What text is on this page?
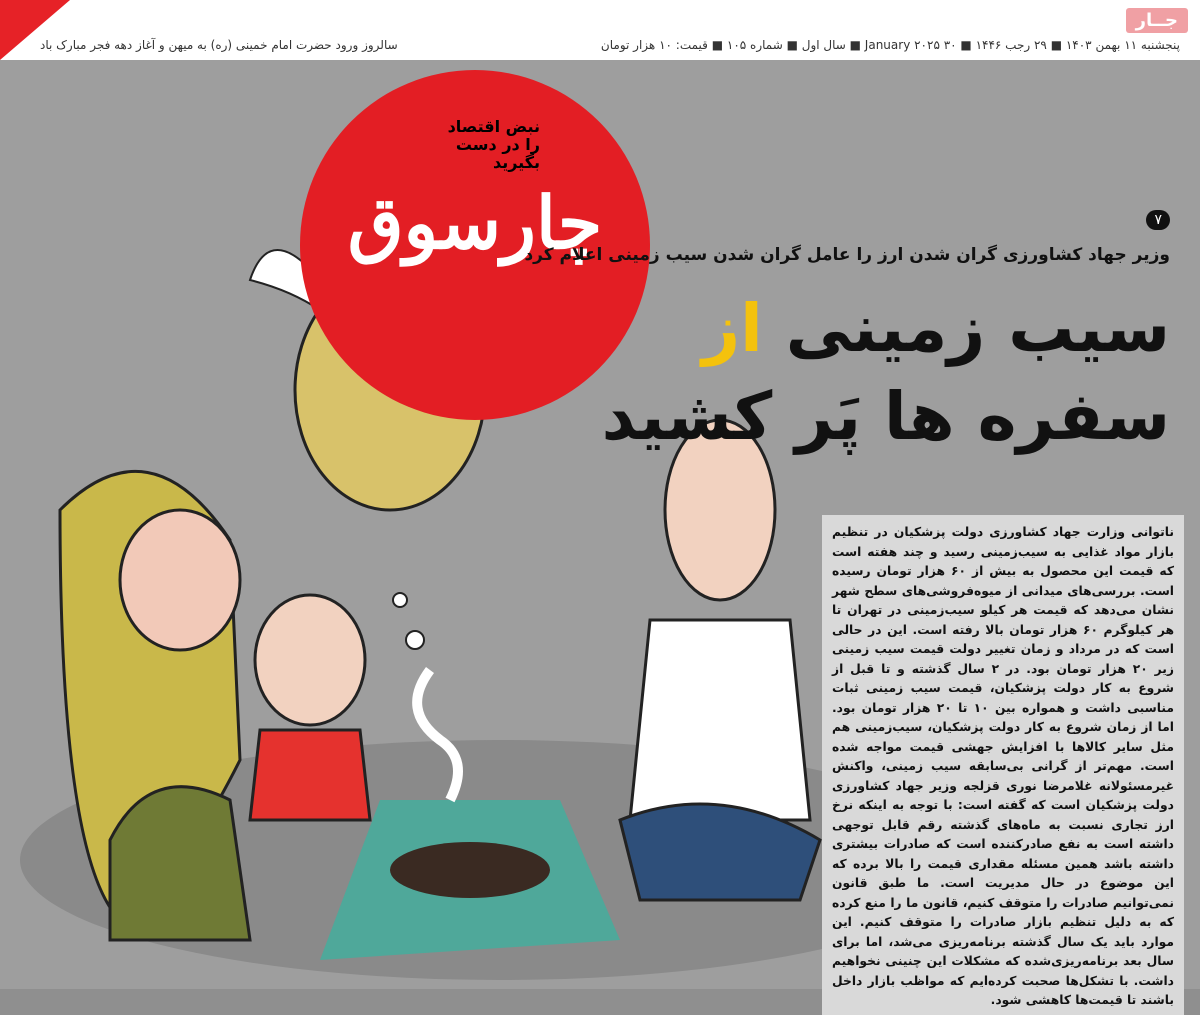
جــار
پنجشنبه ۱۱ بهمن ۱۴۰۳ ■ ۲۹ رجب ۱۴۴۶ ■ ۳۰ January ۲۰۲۵ ■ سال اول ■ شماره ۱۰۵ ■ قیمت: ۱۰ هزار تومان
سالروز ورود حضرت امام خمینی (ره) به میهن و آغاز دهه فجر مبارک باد
چارسوق
نبض اقتصاد
را در دست بگیرید
۷
وزیر جهاد کشاورزی گران شدن ارز را عامل گران شدن سیب زمینی اعلام کرد
سیب زمینی از
سفره ها پَر کشید
ناتوانی وزارت جهاد کشاورزی دولت پزشکیان در تنظیم بازار مواد غذایی به سیب‌زمینی رسید و چند هفته است که قیمت این محصول به بیش از ۶۰ هزار تومان رسیده است. بررسی‌های میدانی از میوه‌فروشی‌های سطح شهر نشان می‌دهد که قیمت هر کیلو سیب‌زمینی در تهران تا هر کیلوگرم ۶۰ هزار تومان بالا رفته است. این در حالی است که در مرداد و زمان تغییر دولت قیمت سیب زمینی زیر ۲۰ هزار تومان بود. در ۲ سال گذشته و تا قبل از شروع به کار دولت پزشکیان، قیمت سیب زمینی ثبات مناسبی داشت و همواره بین ۱۰ تا ۲۰ هزار تومان بود. اما از زمان شروع به کار دولت پزشکیان، سیب‌زمینی هم مثل سایر کالاها با افزایش جهشی قیمت مواجه شده است. مهم‌تر از گرانی بی‌سابقه سیب زمینی، واکنش غیرمسئولانه غلامرضا نوری قزلجه وزیر جهاد کشاورزی دولت پزشکیان است که گفته است: با توجه به اینکه نرخ ارز تجاری نسبت به ماه‌های گذشته رقم قابل توجهی داشته است به نفع صادرکننده است که صادرات بیشتری داشته باشد همین مسئله مقداری قیمت را بالا برده که این موضوع در حال مدیریت است. ما طبق قانون نمی‌توانیم صادرات را متوقف کنیم، قانون ما را منع کرده که به دلیل تنظیم بازار صادرات را متوقف کنیم. این موارد باید یک سال گذشته برنامه‌ریزی می‌شد، اما برای سال بعد برنامه‌ریزی‌شده که مشکلات این چنینی نخواهیم داشت. با تشکل‌ها صحبت کرده‌ایم که مواظب بازار داخل باشند تا قیمت‌ها کاهشی شود.
